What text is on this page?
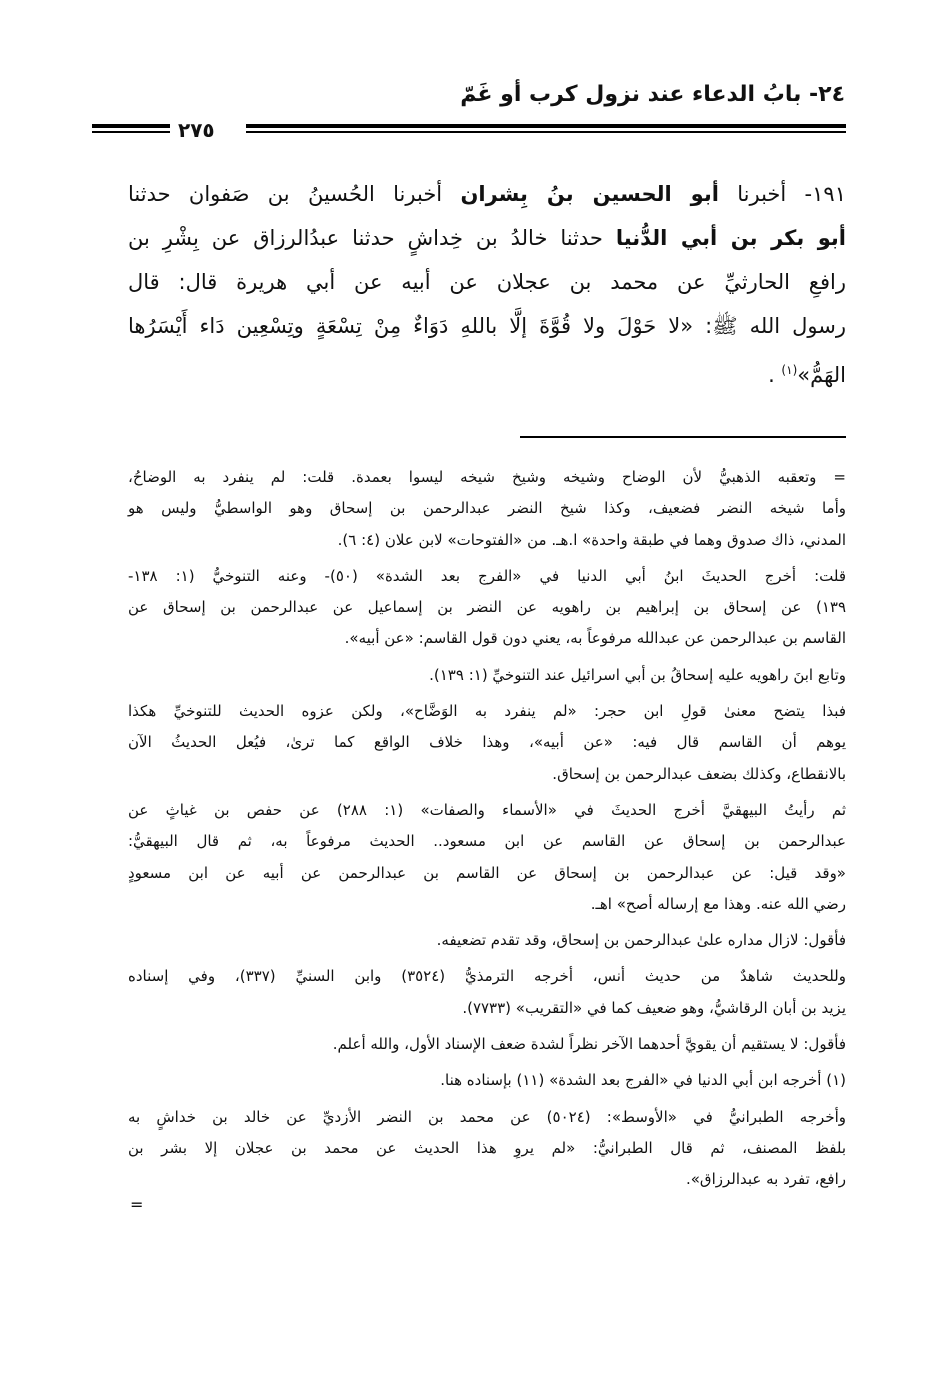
٢٤- بابُ الدعاء عند نزول كرب أو غَمّ
٢٧٥
١٩١- أخبرنا أبو الحسين بنُ بِشران أخبرنا الحُسينُ بن صَفوان حدثنا
أبو بكر بن أبي الدُّنيا حدثنا خالدُ بن خِداشٍ حدثنا عبدُالرزاق عن بِشْرِ بن
رافعِ الحارثيِّ عن محمد بن عجلان عن أبيه عن أبي هريرة قال: قال
رسول الله ﷺ: «لا حَوْلَ ولا قُوَّةَ إلَّا باللهِ دَوَاءٌ مِنْ تِسْعَةٍ وتِسْعِين دَاء أَيْسَرُها
الهَمُّ»$^{(١)}$ .
= وتعقبه الذهبيُّ لأن الوضاح وشيخه وشيخ شيخه ليسوا بعمدة. قلت: لم ينفرد به الوضاحُ،
وأما شيخه النضر فضعيف، وكذا شيخ النضر عبدالرحمن بن إسحاق وهو الواسطيُّ وليس هو
المدني، ذاك صدوق وهما في طبقة واحدة» ا.هـ. من «الفتوحات» لابن علان (٤: ٦).
قلت: أخرج الحديثَ ابنُ أبي الدنيا في «الفرج بعد الشدة» (٥٠)- وعنه التنوخيُّ (١: ١٣٨-
١٣٩) عن إسحاق بن إبراهيم بن راهويه عن النضر بن إسماعيل عن عبدالرحمن بن إسحاق عن
القاسم بن عبدالرحمن عن عبدالله مرفوعاً به، يعني دون قول القاسم: «عن أبيه».
وتابع ابنَ راهويه عليه إسحاقُ بن أبي اسرائيل عند التنوخيِّ (١: ١٣٩).
فبذا يتضح معنىٰ قولِ ابن حجر: «لم ينفرد به الوَضَّاح»، ولكن عزوه الحديث للتنوخيِّ هكذا
يوهم أن القاسم قال فيه: «عن أبيه»، وهذا خلاف الواقع كما ترىٰ، فيُعل الحديثُ الآن
بالانقطاع، وكذلك بضعف عبدالرحمن بن إسحاق.
ثم رأيتُ البيهقيَّ أخرج الحديثَ في «الأسماء والصفات» (١: ٢٨٨) عن حفص بن غياثٍ عن
عبدالرحمن بن إسحاق عن القاسم عن ابن مسعود.. الحديث مرفوعاً به، ثم قال البيهقيُّ:
«وقد قيل: عن عبدالرحمن بن إسحاق عن القاسم بن عبدالرحمن عن أبيه عن ابن مسعودٍ
رضي الله عنه. وهذا مع إرساله أصح» اهـ.
فأقول: لازال مداره علىٰ عبدالرحمن بن إسحاق، وقد تقدم تضعيفه.
وللحديث شاهدٌ من حديث أنس، أخرجه الترمذيُّ (٣٥٢٤) وابن السنيِّ (٣٣٧)، وفي إسناده
يزيد بن أبان الرقاشيُّ، وهو ضعيف كما في «التقريب» (٧٧٣٣).
فأقول: لا يستقيم أن يقويَّ أحدهما الآخر نظراً لشدة ضعف الإسناد الأول، والله أعلم.
(١) أخرجه ابن أبي الدنيا في «الفرج بعد الشدة» (١١) بإسناده هنا.
وأخرجه الطبرانيُّ في «الأوسط»: (٥٠٢٤) عن محمد بن النضر الأزديِّ عن خالد بن خداشٍ به
بلفظ المصنف، ثم قال الطبرانيُّ: «لم يروِ هذا الحديث عن محمد بن عجلان إلا بشر بن
رافع، تفرد به عبدالرزاق».
=
